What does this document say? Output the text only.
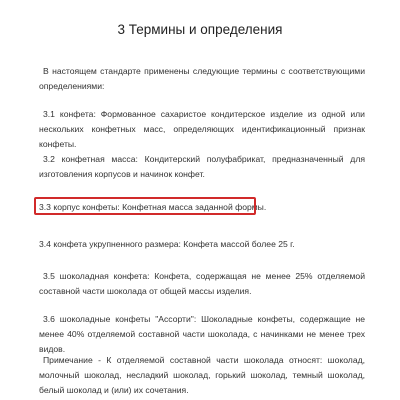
3 Термины и определения

В настоящем стандарте применены следующие термины с соответствующими определениями:

3.1 конфета: Формованное сахаристое кондитерское изделие из одной или нескольких конфетных масс, определяющих идентификационный признак конфеты.

3.2 конфетная масса: Кондитерский полуфабрикат, предназначенный для изготовления корпусов и начинок конфет.

3.3 корпус конфеты: Конфетная масса заданной формы.

3.4 конфета укрупненного размера: Конфета массой более 25 г.

3.5 шоколадная конфета: Конфета, содержащая не менее 25% отделяемой составной части шоколада от общей массы изделия.

3.6 шоколадные конфеты "Ассорти": Шоколадные конфеты, содержащие не менее 40% отделяемой составной части шоколада, с начинками не менее трех видов.

Примечание - К отделяемой составной части шоколада относят: шоколад, молочный шоколад, несладкий шоколад, горький шоколад, темный шоколад, белый шоколад и (или) их сочетания.
